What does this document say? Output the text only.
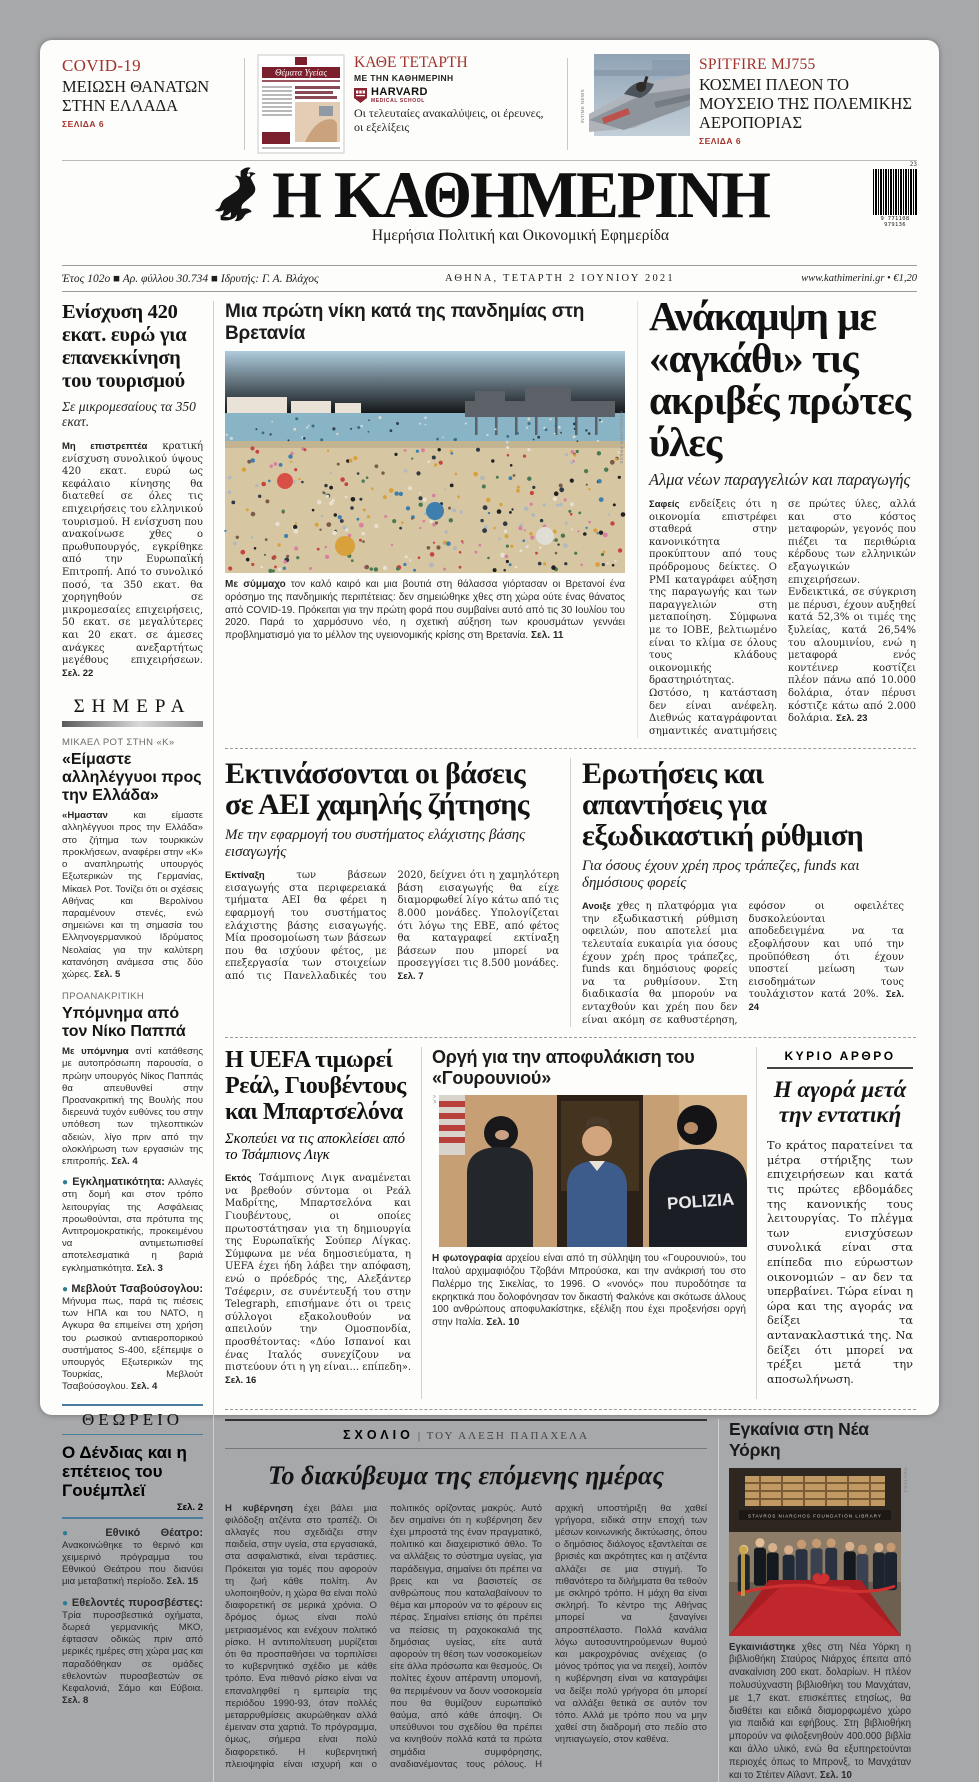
COVID-19
ΜΕΙΩΣΗ ΘΑΝΑΤΩΝ ΣΤΗΝ ΕΛΛΑΔΑ
ΣΕΛΙΔΑ 6
Θέματα Υγείας
ΚΑΘΕ ΤΕΤΑΡΤΗ
ΜΕ ΤΗΝ ΚΑΘΗΜΕΡΙΝΗ
HARVARD
MEDICAL SCHOOL
Οι τελευταίες ανακαλύψεις, οι έρευνες, οι εξελίξεις
INTIME NEWS
SPITFIRE MJ755
ΚΟΣΜΕΙ ΠΛΕΟΝ ΤΟ ΜΟΥΣΕΙΟ ΤΗΣ ΠΟΛΕΜΙΚΗΣ ΑΕΡΟΠΟΡΙΑΣ
ΣΕΛΙΔΑ 6
Η ΚΑΘΗΜΕΡΙΝΗ
Ημερήσια Πολιτική και Οικονομική Εφημερίδα
23
9 771108 979136
Έτος 102ο ■ Αρ. φύλλου 30.734 ■ Ιδρυτής: Γ. Α. Βλάχος	ΑΘΗΝΑ, ΤΕΤΑΡΤΗ 2 ΙΟΥΝΙΟΥ 2021	www.kathimerini.gr • €1,20
Ενίσχυση 420 εκατ. ευρώ για επανεκκίνηση του τουρισμού

Σε μικρομεσαίους τα 350 εκατ.

Μη επιστρεπτέα κρατική ενίσχυση συνολικού ύψους 420 εκατ. ευρώ ως κεφάλαιο κίνησης θα διατεθεί σε όλες τις επιχειρήσεις του ελληνικού τουρισμού. Η ενίσχυση που ανακοίνωσε χθες ο πρωθυπουργός, εγκρίθηκε από την Ευρωπαϊκή Επιτροπή. Από το συνολικό ποσό, τα 350 εκατ. θα χορηγηθούν σε μικρομεσαίες επιχειρήσεις, 50 εκατ. σε μεγαλύτερες και 20 εκατ. σε άμεσες ανάγκες ανεξαρτήτως μεγέθους επιχειρήσεων. Σελ. 22

ΣΗΜΕΡΑ
ΜΙΚΑΕΛ ΡΟΤ ΣΤΗΝ «Κ»
«Είμαστε αλληλέγγυοι προς την Ελλάδα»

«Ημασταν	και είμαστε αλληλέγγυοι προς την Ελλάδα» στο ζήτημα των τουρκικών προκλήσεων, αναφέρει στην «Κ» ο αναπληρωτής υπουργός Εξωτερικών της Γερμανίας, Μίκαελ Ροτ. Τονίζει ότι οι σχέσεις Αθήνας και Βερολίνου παραμένουν στενές, ενώ σημειώνει και τη σημασία του Ελληνογερμανικού Ιδρύματος Νεολαίας για την καλύτερη κατανόηση ανάμεσα στις δύο χώρες. Σελ. 5

ΠΡΟΑΝΑΚΡΙΤΙΚΗ
Υπόμνημα από τον Νίκο Παππά

Με υπόμνημα αντί κατάθεσης με αυτοπρόσωπη παρουσία, ο πρώην υπουργός Νίκος Παππάς θα απευθυνθεί στην Προανακριτική της Βουλής που διερευνά τυχόν ευθύνες του στην υπόθεση των τηλεοπτικών αδειών, λίγο πριν από την ολοκλήρωση των εργασιών της επιτροπής. Σελ. 4

● Εγκληματικότητα: Αλλαγές στη δομή και στον τρόπο λειτουργίας της Ασφάλειας προωθούνται, στα πρότυπα της Αντιτρομοκρατικής, προκειμένου να αντιμετωπισθεί αποτελεσματικά η βαριά εγκληματικότητα. Σελ. 3

● Μεβλούτ Τσαβούσογλου: Μήνυμα πως, παρά τις πιέσεις των ΗΠΑ και του ΝΑΤΟ, η Αγκυρα θα επιμείνει στη χρήση του ρωσικού αντιαεροπορικού συστήματος S-400, εξέπεμψε ο υπουργός Εξωτερικών της Τουρκίας, Μεβλούτ Τσαβούσογλου. Σελ. 4

ΘΕΩΡΕΙΟ
Ο Δένδιας και η επέτειος του Γουέμπλεϊ
Σελ. 2

● Εθνικό Θέατρο: Ανακοινώθηκε το θερινό και χειμερινό πρόγραμμα του Εθνικού Θεάτρου που διανύει μια μεταβατική περίοδο. Σελ. 15

● Εθελοντές πυροσβέστες: Τρία πυροσβεστικά οχήματα, δωρεά γερμανικής ΜΚΟ, έφτασαν οδικώς πριν από μερικές ημέρες στη χώρα μας και παραδόθηκαν σε ομάδες εθελοντών πυροσβεστών σε Κεφαλονιά, Σάμο και Εύβοια. Σελ. 8

Μια πρώτη νίκη κατά της πανδημίας στη Βρετανία
ASSOCIATED PRESS

Με σύμμαχο τον καλό καιρό και μια βουτιά στη θάλασσα γιόρτασαν οι Βρετανοί ένα ορόσημο της πανδημικής περιπέτειας: δεν σημειώθηκε χθες στη χώρα ούτε ένας θάνατος από COVID-19. Πρόκειται για την πρώτη φορά που συμβαίνει αυτό από τις 30 Ιουλίου του 2020. Παρά το χαρμόσυνο νέο, η σχετική αύξηση των κρουσμάτων γεννάει προβληματισμό για το μέλλον της υγειονομικής κρίσης στη Βρετανία. Σελ. 11

Ανάκαμψη με «αγκάθι» τις ακριβές πρώτες ύλες

Αλμα νέων παραγγελιών και παραγωγής

Σαφείς ενδείξεις ότι η οικονομία επιστρέφει σταθερά στην κανονικότητα προκύπτουν από τους πρόδρομους δείκτες. Ο PMI καταγράφει αύξηση της παραγωγής και των παραγγελιών στη μεταποίηση. Σύμφωνα με το ΙΟΒΕ, βελτιωμένο είναι το κλίμα σε όλους τους κλάδους οικονομικής δραστηριότητας. Ωστόσο, η κατάσταση δεν είναι ανέφελη. Διεθνώς καταγράφονται σημαντικές ανατιμήσεις σε πρώτες ύλες, αλλά και στο κόστος μεταφορών, γεγονός που πιέζει τα περιθώρια κέρδους των ελληνικών εξαγωγικών επιχειρήσεων. Ενδεικτικά, σε σύγκριση με πέρυσι, έχουν αυξηθεί κατά 52,3% οι τιμές της ξυλείας, κατά 26,54% του αλουμινίου, ενώ η μεταφορά ενός κοντέινερ κοστίζει πλέον πάνω από 10.000 δολάρια, όταν πέρυσι κόστιζε κάτω από 2.000 δολάρια. Σελ. 23

Εκτινάσσονται οι βάσεις σε ΑΕΙ χαμηλής ζήτησης

Με την εφαρμογή του συστήματος ελάχιστης βάσης εισαγωγής

Εκτίναξη	των βάσεων εισαγωγής στα περιφερειακά τμήματα ΑΕΙ θα φέρει η εφαρμογή του συστήματος ελάχιστης βάσης εισαγωγής. Μία προσομοίωση των βάσεων που θα ισχύουν φέτος, με επεξεργασία των στοιχείων από τις Πανελλαδικές του 2020, δείχνει ότι η χαμηλότερη βάση εισαγωγής θα είχε διαμορφωθεί λίγο κάτω από τις 8.000 μονάδες. Υπολογίζεται ότι λόγω της ΕΒΕ, από φέτος θα καταγραφεί εκτίναξη βάσεων που μπορεί να προσεγγίσει τις 8.500 μονάδες. Σελ. 7

Ερωτήσεις και απαντήσεις για εξωδικαστική ρύθμιση

Για όσους έχουν χρέη προς τράπεζες, funds και δημόσιους φορείς

Ανοιξε χθες η πλατφόρμα για την εξωδικαστική ρύθμιση οφειλών, που αποτελεί μια τελευταία ευκαιρία για όσους έχουν χρέη προς τράπεζες, funds και δημόσιους φορείς να τα ρυθμίσουν. Στη διαδικασία θα μπορούν να ενταχθούν και χρέη που δεν είναι ακόμη σε καθυστέρηση, εφόσον οι οφειλέτες δυσκολεύονται αποδεδειγμένα να τα εξοφλήσουν και υπό την προϋπόθεση ότι έχουν υποστεί μείωση των εισοδημάτων τους τουλάχιστον κατά 20%. Σελ. 24

Η UEFA τιμωρεί Ρεάλ, Γιουβέντους και Μπαρτσελόνα

Σκοπεύει να τις αποκλείσει από το Τσάμπιονς Λιγκ

Εκτός Τσάμπιονς Λιγκ αναμένεται να βρεθούν σύντομα οι Ρεάλ Μαδρίτης, Μπαρτσελόνα και Γιουβέντους, οι οποίες πρωτοστάτησαν για τη δημιουργία της Ευρωπαϊκής Σούπερ Λίγκας. Σύμφωνα με νέα δημοσιεύματα, η UEFA έχει ήδη λάβει την απόφαση, ενώ ο πρόεδρός της, Αλεξάντερ Τσέφεριν, σε συνέντευξή του στην Telegraph, επισήμανε ότι οι τρεις σύλλογοι εξακολουθούν να απειλούν την Ομοσπονδία, προσθέτοντας: «Δύο Ισπανοί και ένας Ιταλός συνεχίζουν να πιστεύουν ότι η γη είναι... επίπεδη». Σελ. 16

Οργή για την αποφυλάκιση του «Γουρουνιού»
A.P.
POLIZIA

Η φωτογραφία αρχείου είναι από τη σύλληψη του «Γουρουνιού», του Ιταλού αρχιμαφιόζου Τζοβάνι Μπρούσκα, και την ανάκρισή του στο Παλέρμο της Σικελίας, το 1996. Ο «νονός» που πυροδότησε τα εκρηκτικά που δολοφόνησαν τον δικαστή Φαλκόνε και σκότωσε άλλους 100 ανθρώπους αποφυλακίστηκε, εξέλιξη που έχει προξενήσει οργή στην Ιταλία. Σελ. 10

ΚΥΡΙΟ ΑΡΘΡΟ
Η αγορά μετά την εντατική

Το κράτος παρατείνει τα μέτρα στήριξης των επιχειρήσεων και κατά τις πρώτες εβδομάδες της κανονικής τους λειτουργίας. Το πλέγμα των ενισχύσεων συνολικά είναι στα επίπεδα πιο εύρωστων οικονομιών – αν δεν τα υπερβαίνει. Τώρα είναι η ώρα και της αγοράς να δείξει τα αντανακλαστικά της. Να δείξει ότι μπορεί να τρέξει μετά την αποσωλήνωση.

ΣΧΟΛΙΟ | ΤΟΥ ΑΛΕΞΗ ΠΑΠΑΧΕΛΑ
Το διακύβευμα της επόμενης ημέρας

Η κυβέρνηση έχει βάλει μια φιλόδοξη ατζέντα στο τραπέζι. Οι αλλαγές που σχεδιάζει στην παιδεία, στην υγεία, στα εργασιακά, στα ασφαλιστικά, είναι τεράστιες. Πρόκειται για τομές που αφορούν τη ζωή κάθε πολίτη. Αν υλοποιηθούν, η χώρα θα είναι πολύ διαφορετική σε μερικά χρόνια. Ο δρόμος όμως είναι πολύ μετριασμένος και ενέχουν πολιτικό ρίσκο. Η αντιπολίτευση μυρίζεται ότι θα προσπαθήσει να τορπιλίσει το κυβερνητικό σχέδιο με κάθε τρόπο. Ενα πιθανό ρίσκο είναι να επαναληφθεί η εμπειρία της περιόδου 1990-93, όταν πολλές μεταρρυθμίσεις ακυρώθηκαν αλλά έμειναν στα χαρτιά. Το πρόγραμμα, όμως, σήμερα είναι πολύ διαφορετικό. Η κυβερνητική πλειοψηφία είναι ισχυρή και ο πολιτικός ορίζοντας μακρύς. Αυτό δεν σημαίνει ότι η κυβέρνηση δεν έχει μπροστά της έναν πραγματικό, πολιτικό και διαχειριστικό άθλο. Το να αλλάξεις το σύστημα υγείας, για παράδειγμα, σημαίνει ότι πρέπει να βρεις και να βασιστείς σε ανθρώπους που καταλαβαίνουν το θέμα και μπορούν να το φέρουν εις πέρας. Σημαίνει επίσης ότι πρέπει να πείσεις τη ραχοκοκαλιά της δημόσιας υγείας, είτε αυτά αφορούν τη θέση των νοσοκομείων είτε άλλα πρόσωπα και θεσμούς. Οι πολίτες έχουν απέραντη υπομονή, θα περιμένουν να δουν νοσοκομεία που θα θυμίζουν ευρωπαϊκό θαύμα, από κάθε άποψη. Οι υπεύθυνοι του σχεδίου θα πρέπει να κινηθούν πολλά κατά τα πρώτα σημάδια συμφόρησης, αναδιανέμοντας τους ρόλους. Η αρχική υποστήριξη θα χαθεί γρήγορα, ειδικά στην εποχή των μέσων κοινωνικής δικτύωσης, όπου ο δημόσιος διάλογος εξαντλείται σε βρισιές και ακρότητες και η ατζέντα αλλάζει σε μια στιγμή. Το πιθανότερο τα διλήμματα θα τεθούν με σκληρό τρόπο. Η μάχη θα είναι σκληρή. Το κέντρο της Αθήνας μπορεί να ξαναγίνει απροσπέλαστο. Πολλά κανάλια λόγω αυτοσυντηρούμενων θυμού και μακροχρόνιας ανέχειας (ο μόνος τρόπος για να πειχεί), λοιπόν η κυβέρνηση είναι να καταγράψει να δείξει πολύ γρήγορα ότι μπορεί να αλλάξει θετικά σε αυτόν τον τόπο. Αλλά με τρόπο που να μην χαθεί στη διαδρομή στο πεδίο στο νηπιαγωγείο, στον καθένα.

Εγκαίνια στη Νέα Υόρκη
STAVROS NIARCHOS FOUNDATION LIBRARY
REUTERS

Εγκαινιάστηκε χθες στη Νέα Υόρκη η βιβλιοθήκη Σταύρος Νιάρχος έπειτα από ανακαίνιση 200 εκατ. δολαρίων. Η πλέον πολυσύχναστη βιβλιοθήκη του Μανχάταν, με 1,7 εκατ. επισκέπτες ετησίως, θα διαθέτει και ειδικά διαμορφωμένο χώρο για παιδιά και εφήβους. Στη βιβλιοθήκη μπορούν να φιλοξενηθούν 400.000 βιβλία και άλλο υλικό, ενώ θα εξυπηρετούνται περιοχές όπως το Μπρονξ, το Μανχάταν και το Στέιτεν Αϊλαντ. Σελ. 10
